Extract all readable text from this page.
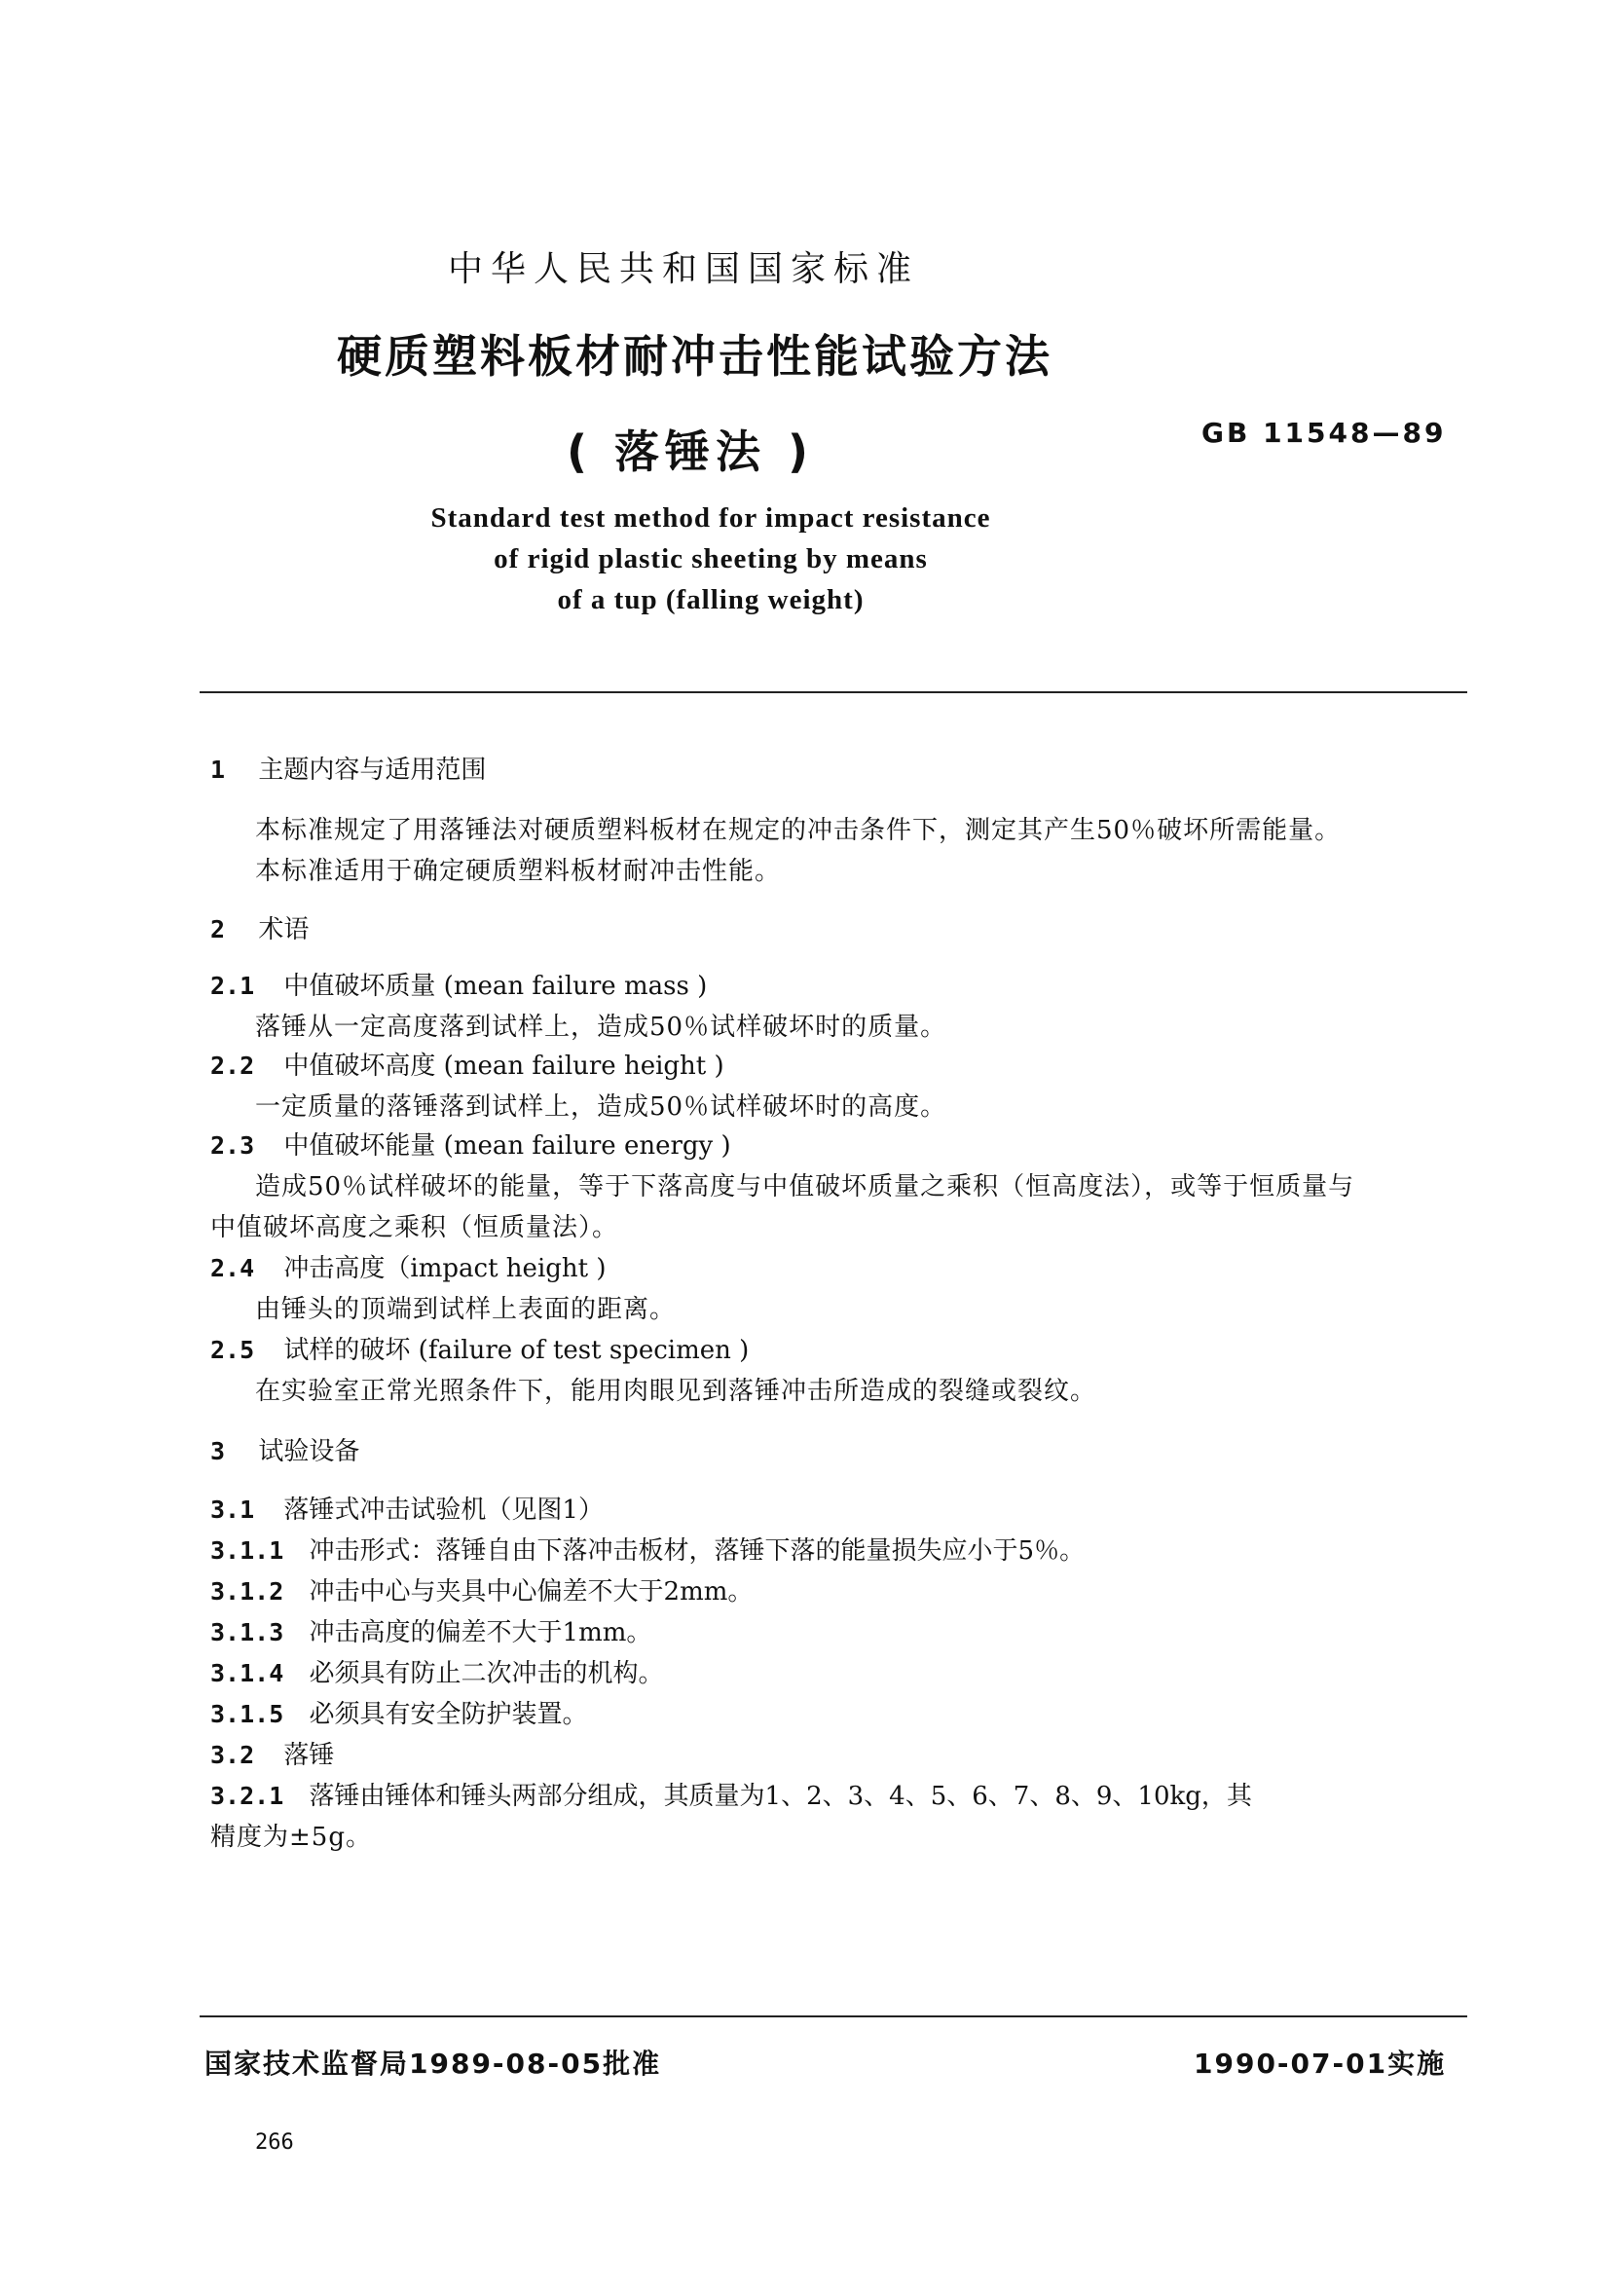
中华人民共和国国家标准
硬质塑料板材耐冲击性能试验方法
( 落锤法 )	GB 11548—89
Standard test method for impact resistance
of rigid plastic sheeting by means
of a tup (falling weight)
1 主题内容与适用范围
本标准规定了用落锤法对硬质塑料板材在规定的冲击条件下，测定其产生50％破坏所需能量。
本标准适用于确定硬质塑料板材耐冲击性能。
2 术语
2.1 中值破坏质量 (mean failure mass )
落锤从一定高度落到试样上，造成50％试样破坏时的质量。
2.2 中值破坏高度 (mean failure height )
一定质量的落锤落到试样上，造成50％试样破坏时的高度。
2.3 中值破坏能量 (mean failure energy )
造成50％试样破坏的能量，等于下落高度与中值破坏质量之乘积（恒高度法），或等于恒质量与
中值破坏高度之乘积（恒质量法）。
2.4 冲击高度（impact height )
由锤头的顶端到试样上表面的距离。
2.5 试样的破坏 (failure of test specimen )
在实验室正常光照条件下，能用肉眼见到落锤冲击所造成的裂缝或裂纹。
3 试验设备
3.1 落锤式冲击试验机（见图1）
3.1.1 冲击形式：落锤自由下落冲击板材，落锤下落的能量损失应小于5％。
3.1.2 冲击中心与夹具中心偏差不大于2mm。
3.1.3 冲击高度的偏差不大于1mm。
3.1.4 必须具有防止二次冲击的机构。
3.1.5 必须具有安全防护装置。
3.2 落锤
3.2.1 落锤由锤体和锤头两部分组成，其质量为1、2、3、4、5、6、7、8、9、10kg，其
精度为±5g。
国家技术监督局1989-08-05批准	1990-07-01实施
266
